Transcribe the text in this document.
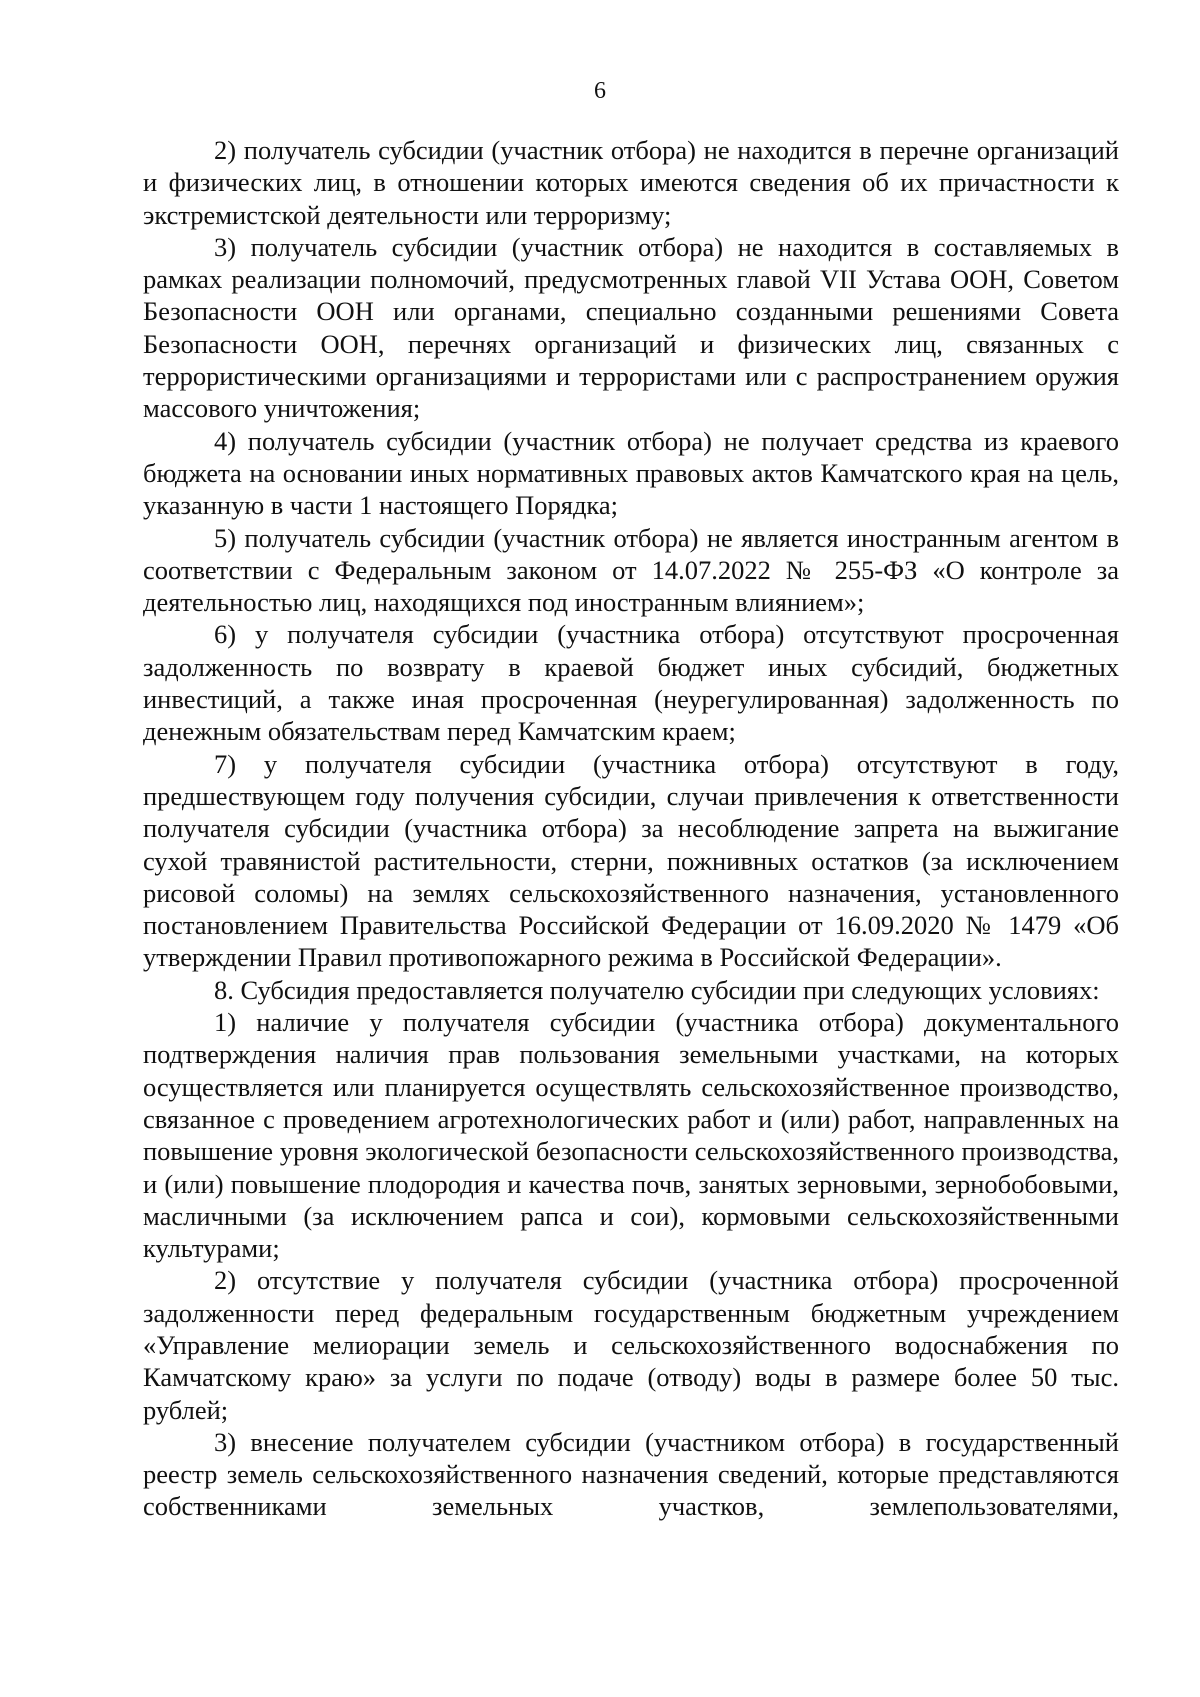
6

2) получатель субсидии (участник отбора) не находится в перечне организаций и физических лиц, в отношении которых имеются сведения об их причастности к экстремистской деятельности или терроризму;

3) получатель субсидии (участник отбора) не находится в составляемых в рамках реализации полномочий, предусмотренных главой VII Устава ООН, Советом Безопасности ООН или органами, специально созданными решениями Совета Безопасности ООН, перечнях организаций и физических лиц, связанных с террористическими организациями и террористами или с распространением оружия массового уничтожения;

4) получатель субсидии (участник отбора) не получает средства из краевого бюджета на основании иных нормативных правовых актов Камчатского края на цель, указанную в части 1 настоящего Порядка;

5) получатель субсидии (участник отбора) не является иностранным агентом в соответствии с Федеральным законом от 14.07.2022 № 255-ФЗ «О контроле за деятельностью лиц, находящихся под иностранным влиянием»;

6) у получателя субсидии (участника отбора) отсутствуют просроченная задолженность по возврату в краевой бюджет иных субсидий, бюджетных инвестиций, а также иная просроченная (неурегулированная) задолженность по денежным обязательствам перед Камчатским краем;

7) у получателя субсидии (участника отбора) отсутствуют в году, предшествующем году получения субсидии, случаи привлечения к ответственности получателя субсидии (участника отбора) за несоблюдение запрета на выжигание сухой травянистой растительности, стерни, пожнивных остатков (за исключением рисовой соломы) на землях сельскохозяйственного назначения, установленного постановлением Правительства Российской Федерации от 16.09.2020 № 1479 «Об утверждении Правил противопожарного режима в Российской Федерации».

8. Субсидия предоставляется получателю субсидии при следующих условиях:

1) наличие у получателя субсидии (участника отбора) документального подтверждения наличия прав пользования земельными участками, на которых осуществляется или планируется осуществлять сельскохозяйственное производство, связанное с проведением агротехнологических работ и (или) работ, направленных на повышение уровня экологической безопасности сельскохозяйственного производства, и (или) повышение плодородия и качества почв, занятых зерновыми, зернобобовыми, масличными (за исключением рапса и сои), кормовыми сельскохозяйственными культурами;

2) отсутствие у получателя субсидии (участника отбора) просроченной задолженности перед федеральным государственным бюджетным учреждением «Управление мелиорации земель и сельскохозяйственного водоснабжения по Камчатскому краю» за услуги по подаче (отводу) воды в размере более 50 тыс. рублей;

3) внесение получателем субсидии (участником отбора) в государственный реестр земель сельскохозяйственного назначения сведений, которые представляются собственниками земельных участков, землепользователями,
